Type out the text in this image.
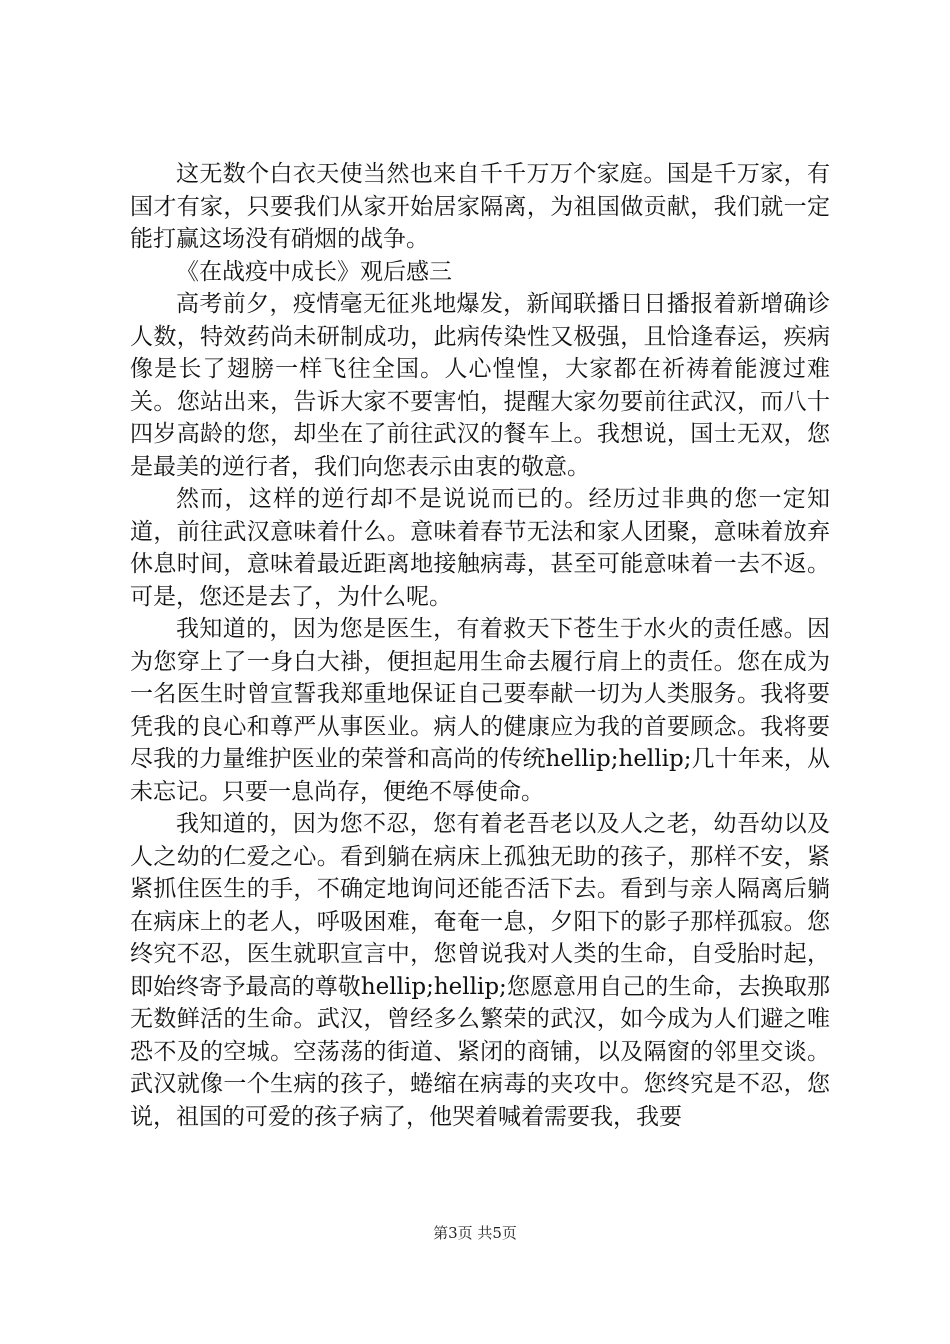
这无数个白衣天使当然也来自千千万万个家庭。国是千万家，有国才有家，只要我们从家开始居家隔离，为祖国做贡献，我们就一定能打赢这场没有硝烟的战争。

《在战疫中成长》观后感三

高考前夕，疫情毫无征兆地爆发，新闻联播日日播报着新增确诊人数，特效药尚未研制成功，此病传染性又极强，且恰逢春运，疾病像是长了翅膀一样飞往全国。人心惶惶，大家都在祈祷着能渡过难关。您站出来，告诉大家不要害怕，提醒大家勿要前往武汉，而八十四岁高龄的您，却坐在了前往武汉的餐车上。我想说，国士无双，您是最美的逆行者，我们向您表示由衷的敬意。

然而，这样的逆行却不是说说而已的。经历过非典的您一定知道，前往武汉意味着什么。意味着春节无法和家人团聚，意味着放弃休息时间，意味着最近距离地接触病毒，甚至可能意味着一去不返。可是，您还是去了，为什么呢。

我知道的，因为您是医生，有着救天下苍生于水火的责任感。因为您穿上了一身白大褂，便担起用生命去履行肩上的责任。您在成为一名医生时曾宣誓我郑重地保证自己要奉献一切为人类服务。我将要凭我的良心和尊严从事医业。病人的健康应为我的首要顾念。我将要尽我的力量维护医业的荣誉和高尚的传统hellip;hellip;几十年来，从未忘记。只要一息尚存，便绝不辱使命。

我知道的，因为您不忍，您有着老吾老以及人之老，幼吾幼以及人之幼的仁爱之心。看到躺在病床上孤独无助的孩子，那样不安，紧紧抓住医生的手，不确定地询问还能否活下去。看到与亲人隔离后躺在病床上的老人，呼吸困难，奄奄一息，夕阳下的影子那样孤寂。您终究不忍，医生就职宣言中，您曾说我对人类的生命，自受胎时起，即始终寄予最高的尊敬hellip;hellip;您愿意用自己的生命，去换取那无数鲜活的生命。武汉，曾经多么繁荣的武汉，如今成为人们避之唯恐不及的空城。空荡荡的街道、紧闭的商铺，以及隔窗的邻里交谈。武汉就像一个生病的孩子，蜷缩在病毒的夹攻中。您终究是不忍，您说，祖国的可爱的孩子病了，他哭着喊着需要我，我要

第3页 共5页
